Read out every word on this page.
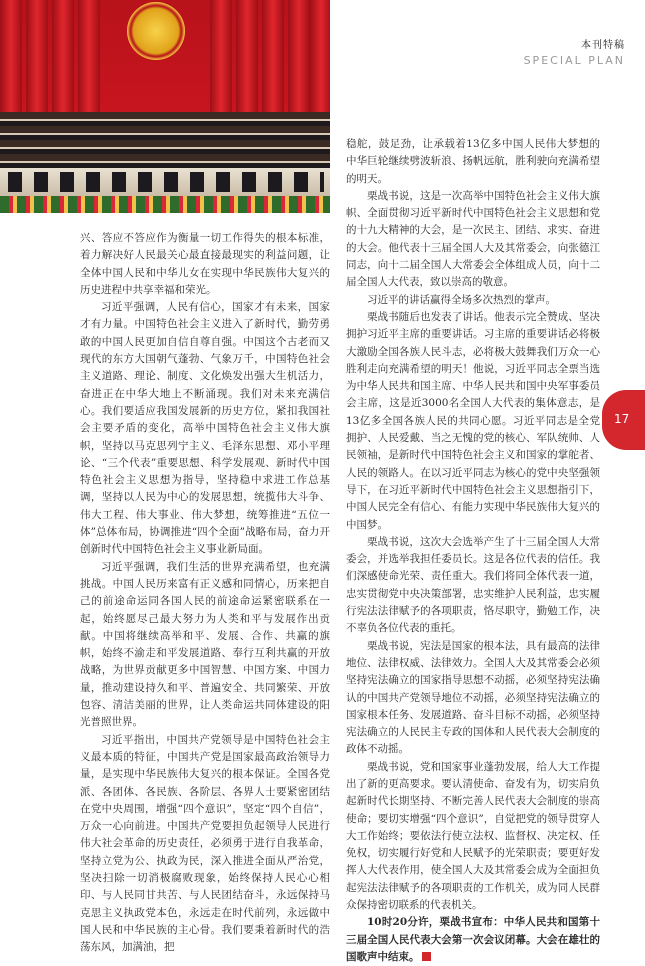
本刊特稿
SPECIAL PLAN
17

兴、答应不答应作为衡量一切工作得失的根本标准，着力解决好人民最关心最直接最现实的利益问题，让全体中国人民和中华儿女在实现中华民族伟大复兴的历史进程中共享幸福和荣光。

习近平强调，人民有信心，国家才有未来，国家才有力量。中国特色社会主义进入了新时代，勤劳勇敢的中国人民更加自信自尊自强。中国这个古老而又现代的东方大国朝气蓬勃、气象万千，中国特色社会主义道路、理论、制度、文化焕发出强大生机活力，奋进正在中华大地上不断涌现。我们对未来充满信心。我们要适应我国发展新的历史方位，紧扣我国社会主要矛盾的变化，高举中国特色社会主义伟大旗帜，坚持以马克思列宁主义、毛泽东思想、邓小平理论、“三个代表”重要思想、科学发展观、新时代中国特色社会主义思想为指导，坚持稳中求进工作总基调，坚持以人民为中心的发展思想，统揽伟大斗争、伟大工程、伟大事业、伟大梦想，统筹推进“五位一体”总体布局，协调推进“四个全面”战略布局，奋力开创新时代中国特色社会主义事业新局面。

习近平强调，我们生活的世界充满希望，也充满挑战。中国人民历来富有正义感和同情心，历来把自己的前途命运同各国人民的前途命运紧密联系在一起，始终愿尽己最大努力为人类和平与发展作出贡献。中国将继续高举和平、发展、合作、共赢的旗帜，始终不渝走和平发展道路、奉行互利共赢的开放战略，为世界贡献更多中国智慧、中国方案、中国力量，推动建设持久和平、普遍安全、共同繁荣、开放包容、清洁美丽的世界，让人类命运共同体建设的阳光普照世界。

习近平指出，中国共产党领导是中国特色社会主义最本质的特征，中国共产党是国家最高政治领导力量，是实现中华民族伟大复兴的根本保证。全国各党派、各团体、各民族、各阶层、各界人士要紧密团结在党中央周围，增强“四个意识”，坚定“四个自信”，万众一心向前进。中国共产党要担负起领导人民进行伟大社会革命的历史责任，必须勇于进行自我革命，坚持立党为公、执政为民，深入推进全面从严治党，坚决扫除一切消极腐败现象，始终保持人民心心相印、与人民同甘共苦、与人民团结奋斗，永远保持马克思主义执政党本色，永远走在时代前列，永远做中国人民和中华民族的主心骨。我们要秉着新时代的浩荡东风，加满油，把

稳舵，鼓足劲，让承载着13亿多中国人民伟大梦想的中华巨轮继续劈波斩浪、扬帆远航，胜利驶向充满希望的明天。

栗战书说，这是一次高举中国特色社会主义伟大旗帜、全面贯彻习近平新时代中国特色社会主义思想和党的十九大精神的大会，是一次民主、团结、求实、奋进的大会。他代表十三届全国人大及其常委会，向张德江同志，向十二届全国人大常委会全体组成人员，向十二届全国人大代表，致以崇高的敬意。

习近平的讲话赢得全场多次热烈的掌声。

栗战书随后也发表了讲话。他表示完全赞成、坚决拥护习近平主席的重要讲话。习主席的重要讲话必将极大激励全国各族人民斗志，必将极大鼓舞我们万众一心胜利走向充满希望的明天！他说，习近平同志全票当选为中华人民共和国主席、中华人民共和国中央军事委员会主席，这是近3000名全国人大代表的集体意志，是13亿多全国各族人民的共同心愿。习近平同志是全党拥护、人民爱戴、当之无愧的党的核心、军队统帅、人民领袖，是新时代中国特色社会主义和国家的掌舵者、人民的领路人。在以习近平同志为核心的党中央坚强领导下，在习近平新时代中国特色社会主义思想指引下，中国人民完全有信心、有能力实现中华民族伟大复兴的中国梦。

栗战书说，这次大会选举产生了十三届全国人大常委会，并选举我担任委员长。这是各位代表的信任。我们深感使命光荣、责任重大。我们将同全体代表一道，忠实贯彻党中央决策部署，忠实维护人民利益，忠实履行宪法法律赋予的各项职责，恪尽职守，勤勉工作，决不辜负各位代表的重托。

栗战书说，宪法是国家的根本法，具有最高的法律地位、法律权威、法律效力。全国人大及其常委会必须坚持宪法确立的国家指导思想不动摇，必须坚持宪法确认的中国共产党领导地位不动摇，必须坚持宪法确立的国家根本任务、发展道路、奋斗目标不动摇，必须坚持宪法确立的人民民主专政的国体和人民代表大会制度的政体不动摇。

栗战书说，党和国家事业蓬勃发展，给人大工作提出了新的更高要求。要认清使命、奋发有为，切实肩负起新时代长期坚持、不断完善人民代表大会制度的崇高使命；要切实增强“四个意识”，自觉把党的领导贯穿人大工作始终；要依法行使立法权、监督权、决定权、任免权，切实履行好党和人民赋予的光荣职责；要更好发挥人大代表作用，使全国人大及其常委会成为全面担负起宪法法律赋予的各项职责的工作机关，成为同人民群众保持密切联系的代表机关。

10时20分许，栗战书宣布：中华人民共和国第十三届全国人民代表大会第一次会议闭幕。大会在雄壮的国歌声中结束。	■
